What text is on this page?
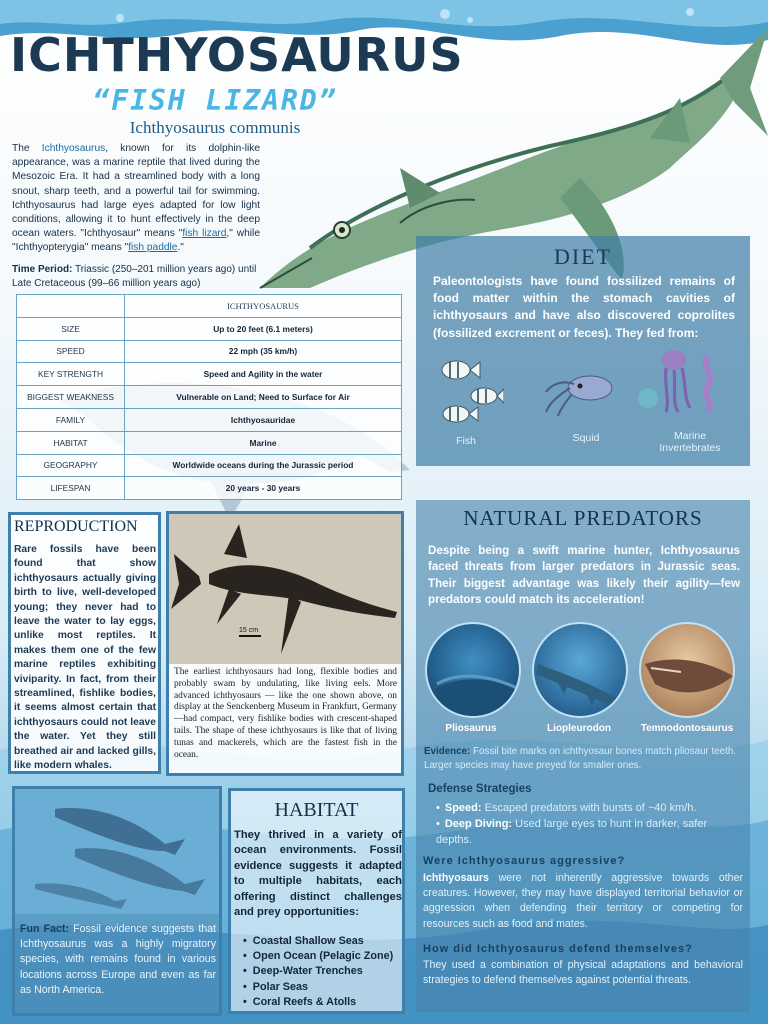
ICHTHYOSAURUS
“FISH LIZARD”
Ichthyosaurus communis
The Ichthyosaurus, known for its dolphin-like appearance, was a marine reptile that lived during the Mesozoic Era. It had a streamlined body with a long snout, sharp teeth, and a powerful tail for swimming. Ichthyosaurus had large eyes adapted for low light conditions, allowing it to hunt effectively in the deep ocean waters. "Ichthyosaur" means "fish lizard," while "Ichthyopterygia" means "fish paddle."
Time Period: Triassic (250–201 million years ago) until Late Cretaceous (99–66 million years ago)
	ICHTHYOSAURUS
SIZE	Up to 20 feet (6.1 meters)
SPEED	22 mph (35 km/h)
KEY STRENGTH	Speed and Agility in the water
BIGGEST WEAKNESS	Vulnerable on Land; Need to Surface for Air
FAMILY	Ichthyosauridae
HABITAT	Marine
GEOGRAPHY	Worldwide oceans during the Jurassic period
LIFESPAN	20 years - 30 years
DIET

Paleontologists have found fossilized remains of food matter within the stomach cavities of ichthyosaurs and have also discovered coprolites (fossilized excrement or feces). They fed from:

Fish	Squid	Marine Invertebrates
NATURAL PREDATORS

Despite being a swift marine hunter, Ichthyosaurus faced threats from larger predators in Jurassic seas. Their biggest advantage was likely their agility—few predators could match its acceleration!

Pliosaurus	Liopleurodon	Temnodontosaurus
Evidence: Fossil bite marks on ichthyosaur bones match pliosaur teeth. Larger species may have preyed for smaller ones.
Defense Strategies
• Speed: Escaped predators with bursts of ~40 km/h.
• Deep Diving: Used large eyes to hunt in darker, safer depths.
Were Ichthyosaurus aggressive?
Ichthyosaurs were not inherently aggressive towards other creatures. However, they may have displayed territorial behavior or aggression when defending their territory or competing for resources such as food and mates.
How did Ichthyosaurus defend themselves?
They used a combination of physical adaptations and behavioral strategies to defend themselves against potential threats.
REPRODUCTION

Rare fossils have been found that show ichthyosaurs actually giving birth to live, well-developed young; they never had to leave the water to lay eggs, unlike most reptiles. It makes them one of the few marine reptiles exhibiting viviparity. In fact, from their streamlined, fishlike bodies, it seems almost certain that ichthyosaurs could not leave the water. Yet they still breathed air and lacked gills, like modern whales.

15 cm

The earliest ichthyosaurs had long, flexible bodies and probably swam by undulating, like living eels. More advanced ichthyosaurs — like the one shown above, on display at the Senckenberg Museum in Frankfurt, Germany—had compact, very fishlike bodies with crescent-shaped tails. The shape of these ichthyosaurs is like that of living tunas and mackerels, which are the fastest fish in the ocean.

Fun Fact: Fossil evidence suggests that Ichthyosaurus was a highly migratory species, with remains found in various locations across Europe and even as far as North America.

HABITAT

They thrived in a variety of ocean environments. Fossil evidence suggests it adapted to multiple habitats, each offering distinct challenges and prey opportunities:

• Coastal Shallow Seas
• Open Ocean (Pelagic Zone)
• Deep-Water Trenches
• Polar Seas
• Coral Reefs & Atolls
